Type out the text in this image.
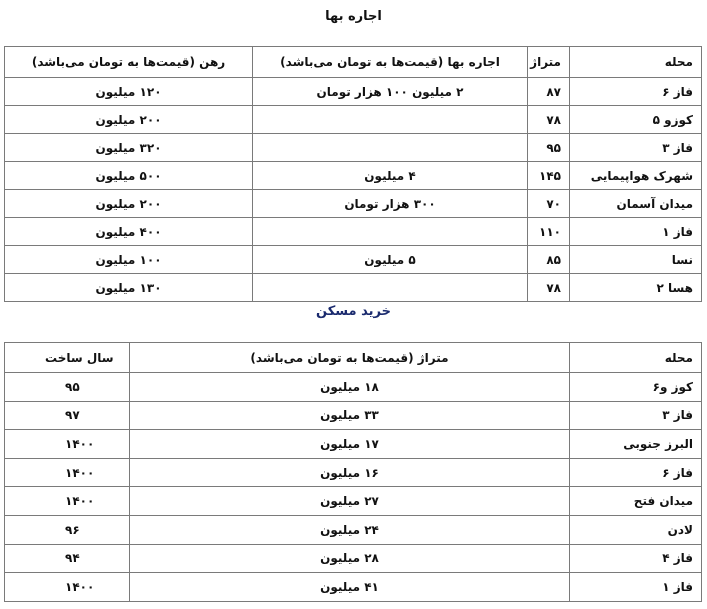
اجاره بها
محله	متراژ	اجاره بها (قیمت‌ها به تومان می‌باشد)	رهن (قیمت‌ها به تومان می‌باشد)
فاز ۶	۸۷	۲ میلیون ۱۰۰ هزار تومان	۱۲۰ میلیون
کوزو ۵	۷۸		۲۰۰ میلیون
فاز ۳	۹۵		۳۲۰ میلیون
شهرک هواپیمایی	۱۴۵	۴ میلیون	۵۰۰ میلیون
میدان آسمان	۷۰	۳۰۰ هزار تومان	۲۰۰ میلیون
فاز ۱	۱۱۰		۴۰۰ میلیون
نسا	۸۵	۵ میلیون	۱۰۰ میلیون
هسا ۲	۷۸		۱۳۰ میلیون
خرید مسکن
محله	متراژ (قیمت‌ها به تومان می‌باشد)	سال ساخت
کوز و۶	۱۸ میلیون	۹۵
فاز ۳	۳۳ میلیون	۹۷
البرز جنوبی	۱۷ میلیون	۱۴۰۰
فاز ۶	۱۶ میلیون	۱۴۰۰
میدان فتح	۲۷ میلیون	۱۴۰۰
لادن	۲۴ میلیون	۹۶
فاز ۴	۲۸ میلیون	۹۴
فاز ۱	۴۱ میلیون	۱۴۰۰
